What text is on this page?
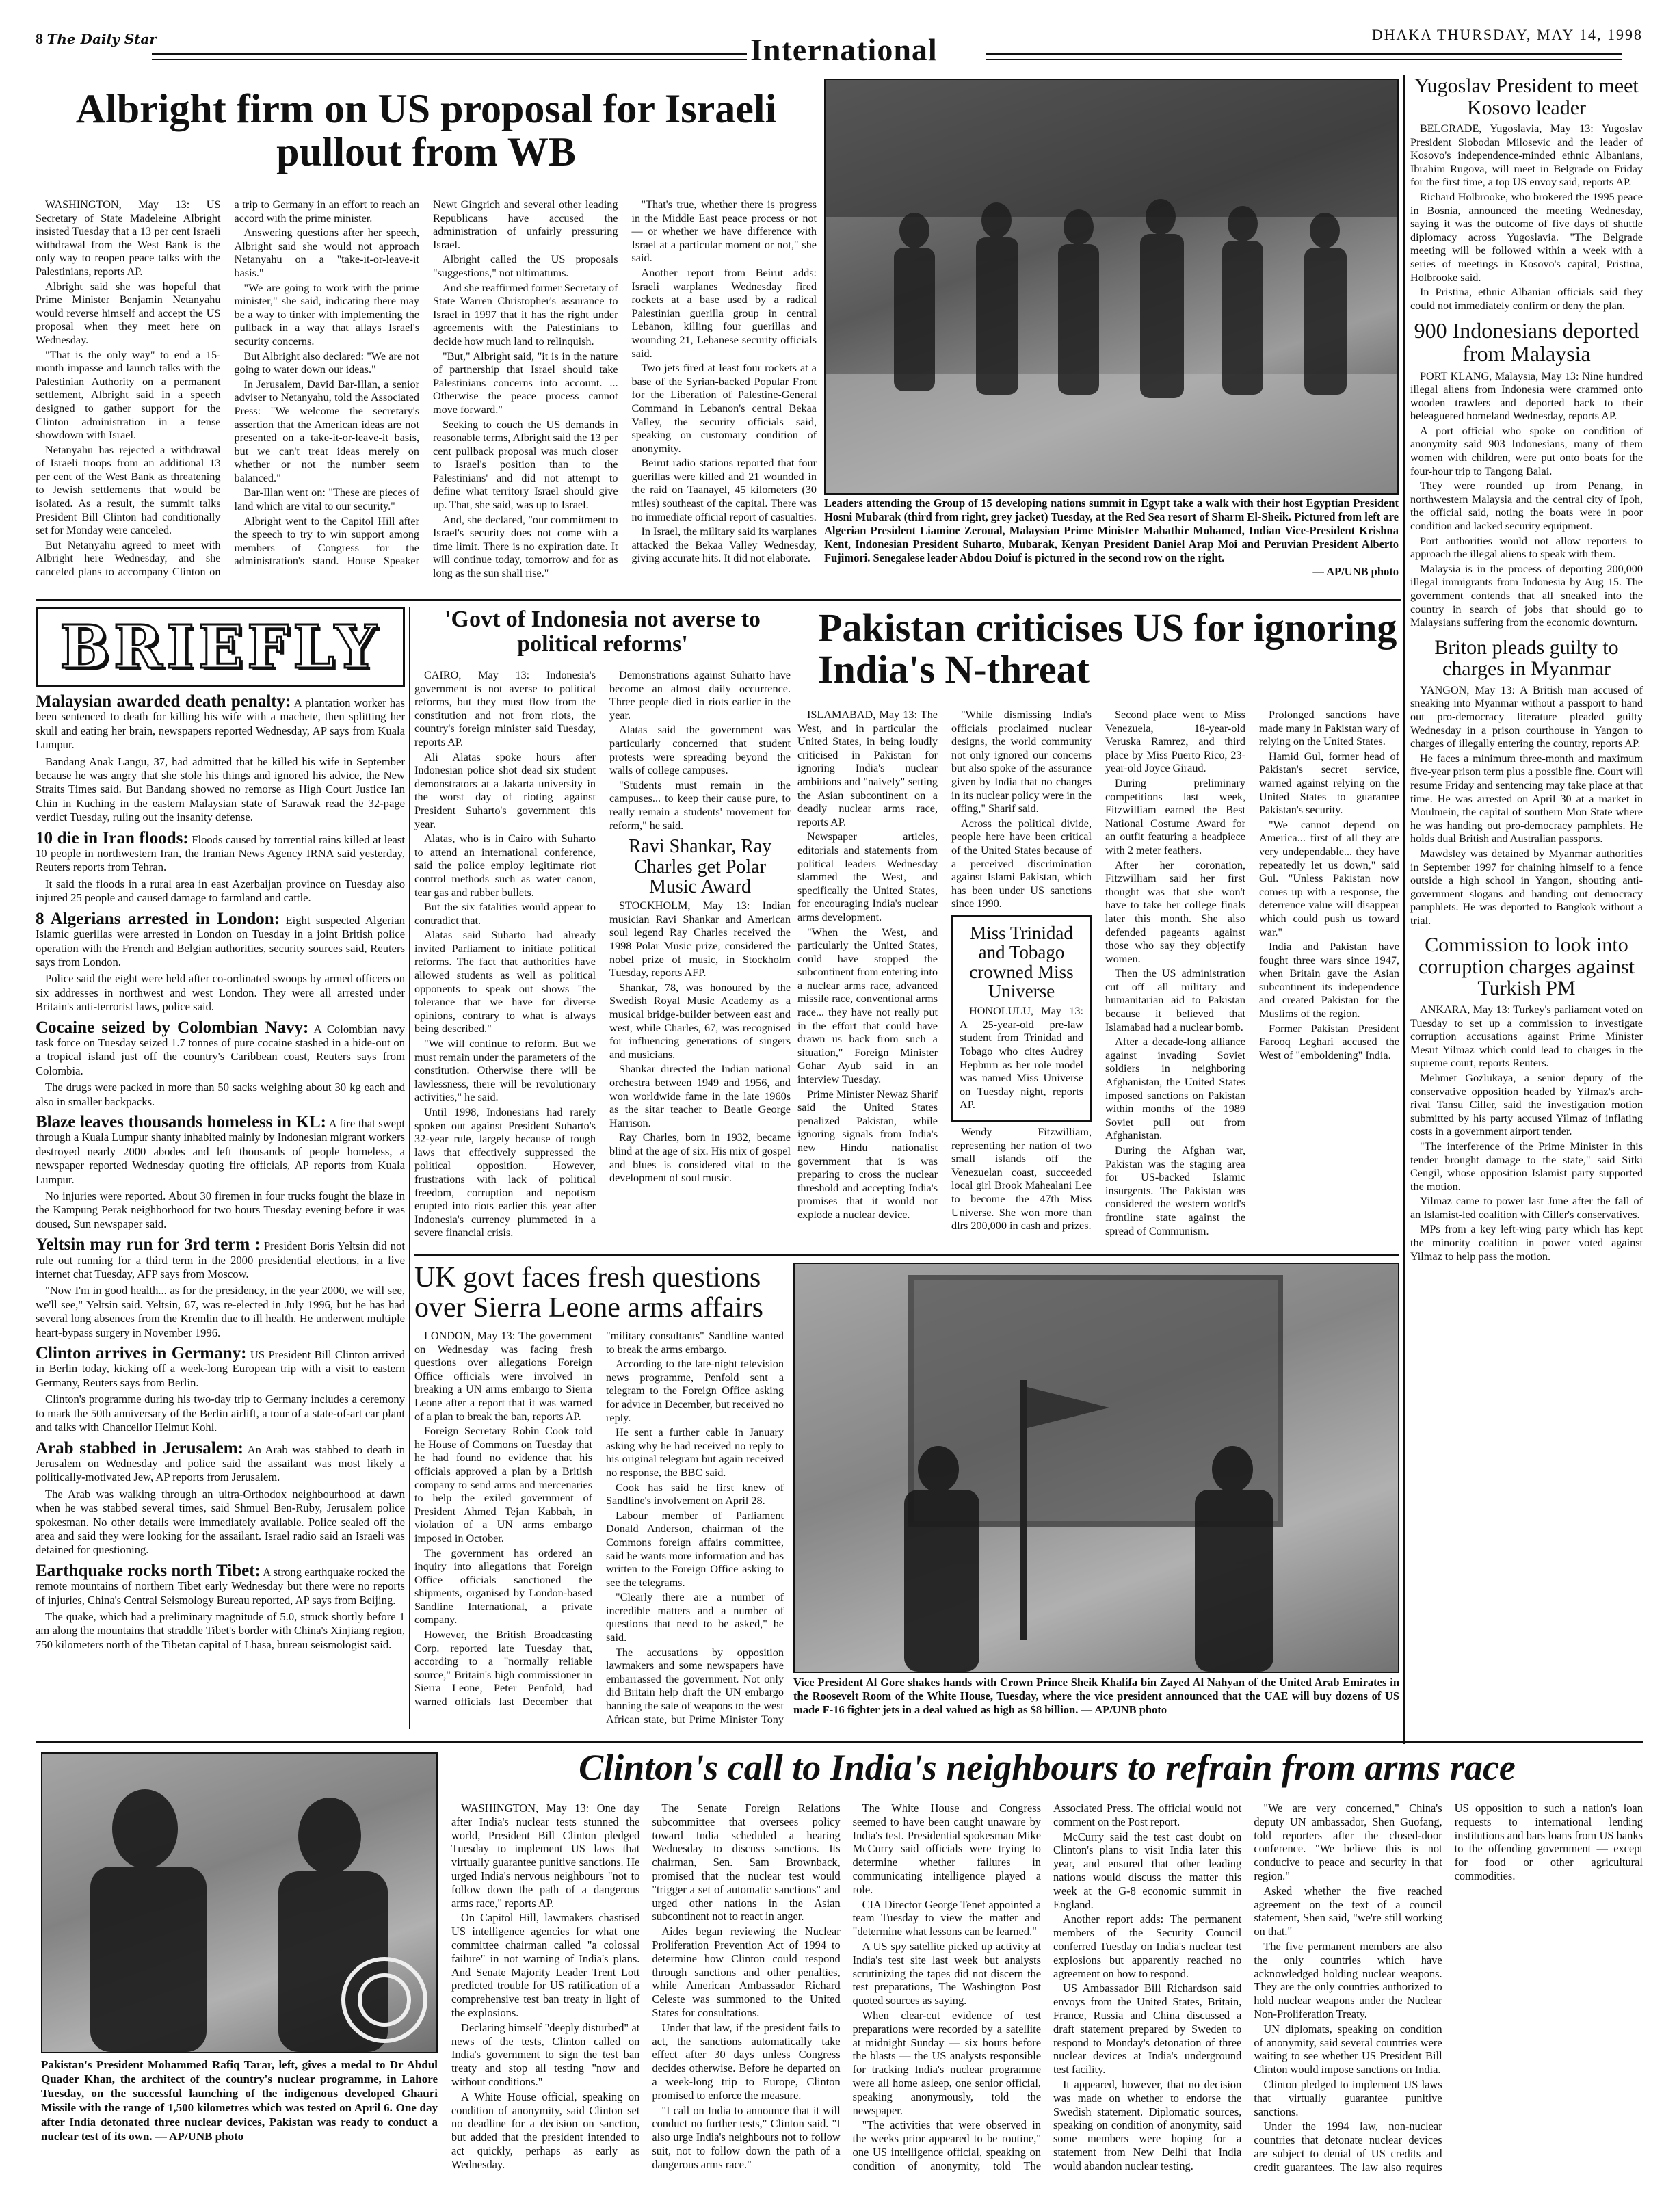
8 The Daily Star	International	DHAKA THURSDAY, MAY 14, 1998
Albright firm on US proposal for Israeli pullout from WB

WASHINGTON, May 13: US Secretary of State Madeleine Albright insisted Tuesday that a 13 per cent Israeli withdrawal from the West Bank is the only way to reopen peace talks with the Palestinians, reports AP.

Albright said she was hopeful that Prime Minister Benjamin Netanyahu would reverse himself and accept the US proposal when they meet here on Wednesday.

"That is the only way" to end a 15-month impasse and launch talks with the Palestinian Authority on a permanent settlement, Albright said in a speech designed to gather support for the Clinton administration in a tense showdown with Israel.

Netanyahu has rejected a withdrawal of Israeli troops from an additional 13 per cent of the West Bank as threatening to Jewish settlements that would be isolated. As a result, the summit talks President Bill Clinton had conditionally set for Monday were canceled.

But Netanyahu agreed to meet with Albright here Wednesday, and she canceled plans to accompany Clinton on a trip to Germany in an effort to reach an accord with the prime minister.

Answering questions after her speech, Albright said she would not approach Netanyahu on a "take-it-or-leave-it basis."

"We are going to work with the prime minister," she said, indicating there may be a way to tinker with implementing the pullback in a way that allays Israel's security concerns.

But Albright also declared: "We are not going to water down our ideas."

In Jerusalem, David Bar-Illan, a senior adviser to Netanyahu, told the Associated Press: "We welcome the secretary's assertion that the American ideas are not presented on a take-it-or-leave-it basis, but we can't treat ideas merely on whether or not the number seem balanced."

Bar-Illan went on: "These are pieces of land which are vital to our security."

Albright went to the Capitol Hill after the speech to try to win support among members of Congress for the administration's stand. House Speaker Newt Gingrich and several other leading Republicans have accused the administration of unfairly pressuring Israel.

Albright called the US proposals "suggestions," not ultimatums.

And she reaffirmed former Secretary of State Warren Christopher's assurance to Israel in 1997 that it has the right under agreements with the Palestinians to decide how much land to relinquish.

"But," Albright said, "it is in the nature of partnership that Israel should take Palestinians concerns into account. ... Otherwise the peace process cannot move forward."

Seeking to couch the US demands in reasonable terms, Albright said the 13 per cent pullback proposal was much closer to Israel's position than to the Palestinians' and did not attempt to define what territory Israel should give up. That, she said, was up to Israel.

And, she declared, "our commitment to Israel's security does not come with a time limit. There is no expiration date. It will continue today, tomorrow and for as long as the sun shall rise."

"That's true, whether there is progress in the Middle East peace process or not — or whether we have difference with Israel at a particular moment or not," she said.

Another report from Beirut adds: Israeli warplanes Wednesday fired rockets at a base used by a radical Palestinian guerilla group in central Lebanon, killing four guerillas and wounding 21, Lebanese security officials said.

Two jets fired at least four rockets at a base of the Syrian-backed Popular Front for the Liberation of Palestine-General Command in Lebanon's central Bekaa Valley, the security officials said, speaking on customary condition of anonymity.

Beirut radio stations reported that four guerillas were killed and 21 wounded in the raid on Taanayel, 45 kilometers (30 miles) southeast of the capital. There was no immediate official report of casualties.

In Israel, the military said its warplanes attacked the Bekaa Valley Wednesday, giving accurate hits. It did not elaborate.

Leaders attending the Group of 15 developing nations summit in Egypt take a walk with their host Egyptian President Hosni Mubarak (third from right, grey jacket) Tuesday, at the Red Sea resort of Sharm El-Sheik. Pictured from left are Algerian President Liamine Zeroual, Malaysian Prime Minister Mahathir Mohamed, Indian Vice-President Krishna Kent, Indonesian President Suharto, Mubarak, Kenyan President Daniel Arap Moi and Peruvian President Alberto Fujimori. Senegalese leader Abdou Doiuf is pictured in the second row on the right.
— AP/UNB photo
Yugoslav President to meet Kosovo leader

BELGRADE, Yugoslavia, May 13: Yugoslav President Slobodan Milosevic and the leader of Kosovo's independence-minded ethnic Albanians, Ibrahim Rugova, will meet in Belgrade on Friday for the first time, a top US envoy said, reports AP.

Richard Holbrooke, who brokered the 1995 peace in Bosnia, announced the meeting Wednesday, saying it was the outcome of five days of shuttle diplomacy across Yugoslavia. "The Belgrade meeting will be followed within a week with a series of meetings in Kosovo's capital, Pristina, Holbrooke said.

In Pristina, ethnic Albanian officials said they could not immediately confirm or deny the plan.

900 Indonesians deported from Malaysia

PORT KLANG, Malaysia, May 13: Nine hundred illegal aliens from Indonesia were crammed onto wooden trawlers and deported back to their beleaguered homeland Wednesday, reports AP.

A port official who spoke on condition of anonymity said 903 Indonesians, many of them women with children, were put onto boats for the four-hour trip to Tangong Balai.

They were rounded up from Penang, in northwestern Malaysia and the central city of Ipoh, the official said, noting the boats were in poor condition and lacked security equipment.

Port authorities would not allow reporters to approach the illegal aliens to speak with them.

Malaysia is in the process of deporting 200,000 illegal immigrants from Indonesia by Aug 15. The government contends that all sneaked into the country in search of jobs that should go to Malaysians suffering from the economic downturn.

Briton pleads guilty to charges in Myanmar

YANGON, May 13: A British man accused of sneaking into Myanmar without a passport to hand out pro-democracy literature pleaded guilty Wednesday in a prison courthouse in Yangon to charges of illegally entering the country, reports AP.

He faces a minimum three-month and maximum five-year prison term plus a possible fine. Court will resume Friday and sentencing may take place at that time. He was arrested on April 30 at a market in Moulmein, the capital of southern Mon State where he was handing out pro-democracy pamphlets. He holds dual British and Australian passports.

Mawdsley was detained by Myanmar authorities in September 1997 for chaining himself to a fence outside a high school in Yangon, shouting anti-government slogans and handing out democracy pamphlets. He was deported to Bangkok without a trial.

Commission to look into corruption charges against Turkish PM

ANKARA, May 13: Turkey's parliament voted on Tuesday to set up a commission to investigate corruption accusations against Prime Minister Mesut Yilmaz which could lead to charges in the supreme court, reports Reuters.

Mehmet Gozlukaya, a senior deputy of the conservative opposition headed by Yilmaz's arch-rival Tansu Ciller, said the investigation motion submitted by his party accused Yilmaz of inflating costs in a government airport tender.

"The interference of the Prime Minister in this tender brought damage to the state," said Sitki Cengil, whose opposition Islamist party supported the motion.

Yilmaz came to power last June after the fall of an Islamist-led coalition with Ciller's conservatives.

MPs from a key left-wing party which has kept the minority coalition in power voted against Yilmaz to help pass the motion.

BRIEFLY

Malaysian awarded death penalty: A plantation worker has been sentenced to death for killing his wife with a machete, then splitting her skull and eating her brain, newspapers reported Wednesday, AP says from Kuala Lumpur.

Bandang Anak Langu, 37, had admitted that he killed his wife in September because he was angry that she stole his things and ignored his advice, the New Straits Times said. But Bandang showed no remorse as High Court Justice Ian Chin in Kuching in the eastern Malaysian state of Sarawak read the 32-page verdict Tuesday, ruling out the insanity defense.

10 die in Iran floods: Floods caused by torrential rains killed at least 10 people in northwestern Iran, the Iranian News Agency IRNA said yesterday, Reuters reports from Tehran.

It said the floods in a rural area in east Azerbaijan province on Tuesday also injured 25 people and caused damage to farmland and cattle.

8 Algerians arrested in London: Eight suspected Algerian Islamic guerillas were arrested in London on Tuesday in a joint British police operation with the French and Belgian authorities, security sources said, Reuters says from London.

Police said the eight were held after co-ordinated swoops by armed officers on six addresses in northwest and west London. They were all arrested under Britain's anti-terrorist laws, police said.

Cocaine seized by Colombian Navy: A Colombian navy task force on Tuesday seized 1.7 tonnes of pure cocaine stashed in a hide-out on a tropical island just off the country's Caribbean coast, Reuters says from Colombia.

The drugs were packed in more than 50 sacks weighing about 30 kg each and also in smaller backpacks.

Blaze leaves thousands homeless in KL: A fire that swept through a Kuala Lumpur shanty inhabited mainly by Indonesian migrant workers destroyed nearly 2000 abodes and left thousands of people homeless, a newspaper reported Wednesday quoting fire officials, AP reports from Kuala Lumpur.

No injuries were reported. About 30 firemen in four trucks fought the blaze in the Kampung Perak neighborhood for two hours Tuesday evening before it was doused, Sun newspaper said.

Yeltsin may run for 3rd term : President Boris Yeltsin did not rule out running for a third term in the 2000 presidential elections, in a live internet chat Tuesday, AFP says from Moscow.

"Now I'm in good health... as for the presidency, in the year 2000, we will see, we'll see," Yeltsin said. Yeltsin, 67, was re-elected in July 1996, but he has had several long absences from the Kremlin due to ill health. He underwent multiple heart-bypass surgery in November 1996.

Clinton arrives in Germany: US President Bill Clinton arrived in Berlin today, kicking off a week-long European trip with a visit to eastern Germany, Reuters says from Berlin.

Clinton's programme during his two-day trip to Germany includes a ceremony to mark the 50th anniversary of the Berlin airlift, a tour of a state-of-art car plant and talks with Chancellor Helmut Kohl.

Arab stabbed in Jerusalem: An Arab was stabbed to death in Jerusalem on Wednesday and police said the assailant was most likely a politically-motivated Jew, AP reports from Jerusalem.

The Arab was walking through an ultra-Orthodox neighbourhood at dawn when he was stabbed several times, said Shmuel Ben-Ruby, Jerusalem police spokesman. No other details were immediately available. Police sealed off the area and said they were looking for the assailant. Israel radio said an Israeli was detained for questioning.

Earthquake rocks north Tibet: A strong earthquake rocked the remote mountains of northern Tibet early Wednesday but there were no reports of injuries, China's Central Seismology Bureau reported, AP says from Beijing.

The quake, which had a preliminary magnitude of 5.0, struck shortly before 1 am along the mountains that straddle Tibet's border with China's Xinjiang region, 750 kilometers north of the Tibetan capital of Lhasa, bureau seismologist said.

'Govt of Indonesia not averse to political reforms'

CAIRO, May 13: Indonesia's government is not averse to political reforms, but they must flow from the constitution and not from riots, the country's foreign minister said Tuesday, reports AP.

Ali Alatas spoke hours after Indonesian police shot dead six student demonstrators at a Jakarta university in the worst day of rioting against President Suharto's government this year.

Alatas, who is in Cairo with Suharto to attend an international conference, said the police employ legitimate riot control methods such as water canon, tear gas and rubber bullets.

But the six fatalities would appear to contradict that.

Alatas said Suharto had already invited Parliament to initiate political reforms. The fact that authorities have allowed students as well as political opponents to speak out shows "the tolerance that we have for diverse opinions, contrary to what is always being described."

"We will continue to reform. But we must remain under the parameters of the constitution. Otherwise there will be lawlessness, there will be revolutionary activities," he said.

Until 1998, Indonesians had rarely spoken out against President Suharto's 32-year rule, largely because of tough laws that effectively suppressed the political opposition. However, frustrations with lack of political freedom, corruption and nepotism erupted into riots earlier this year after Indonesia's currency plummeted in a severe financial crisis.

Demonstrations against Suharto have become an almost daily occurrence. Three people died in riots earlier in the year.

Alatas said the government was particularly concerned that student protests were spreading beyond the walls of college campuses.

"Students must remain in the campuses... to keep their cause pure, to really remain a students' movement for reform," he said.

Ravi Shankar, Ray Charles get Polar Music Award

STOCKHOLM, May 13: Indian musician Ravi Shankar and American soul legend Ray Charles received the 1998 Polar Music prize, considered the nobel prize of music, in Stockholm Tuesday, reports AFP.

Shankar, 78, was honoured by the Swedish Royal Music Academy as a musical bridge-builder between east and west, while Charles, 67, was recognised for influencing generations of singers and musicians.

Shankar directed the Indian national orchestra between 1949 and 1956, and won worldwide fame in the late 1960s as the sitar teacher to Beatle George Harrison.

Ray Charles, born in 1932, became blind at the age of six. His mix of gospel and blues is considered vital to the development of soul music.

Pakistan criticises US for ignoring India's N-threat

ISLAMABAD, May 13: The West, and in particular the United States, in being loudly criticised in Pakistan for ignoring India's nuclear ambitions and "naively" setting the Asian subcontinent on a deadly nuclear arms race, reports AP.

Newspaper articles, editorials and statements from political leaders Wednesday slammed the West, and specifically the United States, for encouraging India's nuclear arms development.

"When the West, and particularly the United States, could have stopped the subcontinent from entering into a nuclear arms race, advanced missile race, conventional arms race... they have not really put in the effort that could have drawn us back from such a situation," Foreign Minister Gohar Ayub said in an interview Tuesday.

Prime Minister Newaz Sharif said the United States penalized Pakistan, while ignoring signals from India's new Hindu nationalist government that is was preparing to cross the nuclear threshold and accepting India's promises that it would not explode a nuclear device.

"While dismissing India's officials proclaimed nuclear designs, the world community not only ignored our concerns but also spoke of the assurance given by India that no changes in its nuclear policy were in the offing," Sharif said.

Across the political divide, people here have been critical of the United States because of a perceived discrimination against Islami Pakistan, which has been under US sanctions since 1990.

Miss Trinidad and Tobago crowned Miss Universe

HONOLULU, May 13: A 25-year-old pre-law student from Trinidad and Tobago who cites Audrey Hepburn as her role model was named Miss Universe on Tuesday night, reports AP.

Wendy Fitzwilliam, representing her nation of two small islands off the Venezuelan coast, succeeded local girl Brook Mahealani Lee to become the 47th Miss Universe. She won more than dlrs 200,000 in cash and prizes.

Second place went to Miss Venezuela, 18-year-old Veruska Ramrez, and third place by Miss Puerto Rico, 23-year-old Joyce Giraud.

During preliminary competitions last week, Fitzwilliam earned the Best National Costume Award for an outfit featuring a headpiece with 2 meter feathers.

After her coronation, Fitzwilliam said her first thought was that she won't have to take her college finals later this month. She also defended pageants against those who say they objectify women.

Then the US administration cut off all military and humanitarian aid to Pakistan because it believed that Islamabad had a nuclear bomb.

After a decade-long alliance against invading Soviet soldiers in neighboring Afghanistan, the United States imposed sanctions on Pakistan within months of the 1989 Soviet pull out from Afghanistan.

During the Afghan war, Pakistan was the staging area for US-backed Islamic insurgents. The Pakistan was considered the western world's frontline state against the spread of Communism.

Prolonged sanctions have made many in Pakistan wary of relying on the United States.

Hamid Gul, former head of Pakistan's secret service, warned against relying on the United States to guarantee Pakistan's security.

"We cannot depend on America... first of all they are very undependable... they have repeatedly let us down," said Gul. "Unless Pakistan now comes up with a response, the deterrence value will disappear which could push us toward war."

India and Pakistan have fought three wars since 1947, when Britain gave the Asian subcontinent its independence and created Pakistan for the Muslims of the region.

Former Pakistan President Farooq Leghari accused the West of "emboldening" India.

UK govt faces fresh questions over Sierra Leone arms affairs

LONDON, May 13: The government on Wednesday was facing fresh questions over allegations Foreign Office officials were involved in breaking a UN arms embargo to Sierra Leone after a report that it was warned of a plan to break the ban, reports AP.

Foreign Secretary Robin Cook told he House of Commons on Tuesday that he had found no evidence that his officials approved a plan by a British company to send arms and mercenaries to help the exiled government of President Ahmed Tejan Kabbah, in violation of a UN arms embargo imposed in October.

The government has ordered an inquiry into allegations that Foreign Office officials sanctioned the shipments, organised by London-based Sandline International, a private company.

However, the British Broadcasting Corp. reported late Tuesday that, according to a "normally reliable source," Britain's high commissioner in Sierra Leone, Peter Penfold, had warned officials last December that "military consultants" Sandline wanted to break the arms embargo.

According to the late-night television news programme, Penfold sent a telegram to the Foreign Office asking for advice in December, but received no reply.

He sent a further cable in January asking why he had received no reply to his original telegram but again received no response, the BBC said.

Cook has said he first knew of Sandline's involvement on April 28.

Labour member of Parliament Donald Anderson, chairman of the Commons foreign affairs committee, said he wants more information and has written to the Foreign Office asking to see the telegrams.

"Clearly there are a number of incredible matters and a number of questions that need to be asked," he said.

The accusations by opposition lawmakers and some newspapers have embarrassed the government. Not only did Britain help draft the UN embargo banning the sale of weapons to the west African state, but Prime Minister Tony

Vice President Al Gore shakes hands with Crown Prince Sheik Khalifa bin Zayed Al Nahyan of the United Arab Emirates in the Roosevelt Room of the White House, Tuesday, where the vice president announced that the UAE will buy dozens of US made F-16 fighter jets in a deal valued as high as $8 billion. — AP/UNB photo
Pakistan's President Mohammed Rafiq Tarar, left, gives a medal to Dr Abdul Quader Khan, the architect of the country's nuclear programme, in Lahore Tuesday, on the successful launching of the indigenous developed Ghauri Missile with the range of 1,500 kilometres which was tested on April 6. One day after India detonated three nuclear devices, Pakistan was ready to conduct a nuclear test of its own. — AP/UNB photo
Clinton's call to India's neighbours to refrain from arms race

WASHINGTON, May 13: One day after India's nuclear tests stunned the world, President Bill Clinton pledged Tuesday to implement US laws that virtually guarantee punitive sanctions. He urged India's nervous neighbours "not to follow down the path of a dangerous arms race," reports AP.

On Capitol Hill, lawmakers chastised US intelligence agencies for what one committee chairman called "a colossal failure" in not warning of India's plans. And Senate Majority Leader Trent Lott predicted trouble for US ratification of a comprehensive test ban treaty in light of the explosions.

Declaring himself "deeply disturbed" at news of the tests, Clinton called on India's government to sign the test ban treaty and stop all testing "now and without conditions."

A White House official, speaking on condition of anonymity, said Clinton set no deadline for a decision on sanction, but added that the president intended to act quickly, perhaps as early as Wednesday.

The Senate Foreign Relations subcommittee that oversees policy toward India scheduled a hearing Wednesday to discuss sanctions. Its chairman, Sen. Sam Brownback, promised that the nuclear test would "trigger a set of automatic sanctions" and urged other nations in the Asian subcontinent not to react in anger.

Aides began reviewing the Nuclear Proliferation Prevention Act of 1994 to determine how Clinton could respond through sanctions and other penalties, while American Ambassador Richard Celeste was summoned to the United States for consultations.

Under that law, if the president fails to act, the sanctions automatically take effect after 30 days unless Congress decides otherwise. Before he departed on a week-long trip to Europe, Clinton promised to enforce the measure.

"I call on India to announce that it will conduct no further tests," Clinton said. "I also urge India's neighbours not to follow suit, not to follow down the path of a dangerous arms race."

The White House and Congress seemed to have been caught unaware by India's test. Presidential spokesman Mike McCurry said officials were trying to determine whether failures in communicating intelligence played a role.

CIA Director George Tenet appointed a team Tuesday to view the matter and "determine what lessons can be learned."

A US spy satellite picked up activity at India's test site last week but analysts scrutinizing the tapes did not discern the test preparations, The Washington Post quoted sources as saying.

When clear-cut evidence of test preparations were recorded by a satellite at midnight Sunday — six hours before the blasts — the US analysts responsible for tracking India's nuclear programme were all home asleep, one senior official, speaking anonymously, told the newspaper.

"The activities that were observed in the weeks prior appeared to be routine," one US intelligence official, speaking on condition of anonymity, told The Associated Press. The official would not comment on the Post report.

McCurry said the test cast doubt on Clinton's plans to visit India later this year, and ensured that other leading nations would discuss the matter this week at the G-8 economic summit in England.

Another report adds: The permanent members of the Security Council conferred Tuesday on India's nuclear test explosions but apparently reached no agreement on how to respond.

US Ambassador Bill Richardson said envoys from the United States, Britain, France, Russia and China discussed a draft statement prepared by Sweden to respond to Monday's detonation of three nuclear devices at India's underground test facility.

It appeared, however, that no decision was made on whether to endorse the Swedish statement. Diplomatic sources, speaking on condition of anonymity, said some members were hoping for a statement from New Delhi that India would abandon nuclear testing.

"We are very concerned," China's deputy UN ambassador, Shen Guofang, told reporters after the closed-door conference. "We believe this is not conducive to peace and security in that region."

Asked whether the five reached agreement on the text of a council statement, Shen said, "we're still working on that."

The five permanent members are also the only countries which have acknowledged holding nuclear weapons. They are the only countries authorized to hold nuclear weapons under the Nuclear Non-Proliferation Treaty.

UN diplomats, speaking on condition of anonymity, said several countries were waiting to see whether US President Bill Clinton would impose sanctions on India.

Clinton pledged to implement US laws that virtually guarantee punitive sanctions.

Under the 1994 law, non-nuclear countries that detonate nuclear devices are subject to denial of US credits and credit guarantees. The law also requires US opposition to such a nation's loan requests to international lending institutions and bars loans from US banks to the offending government — except for food or other agricultural commodities.
